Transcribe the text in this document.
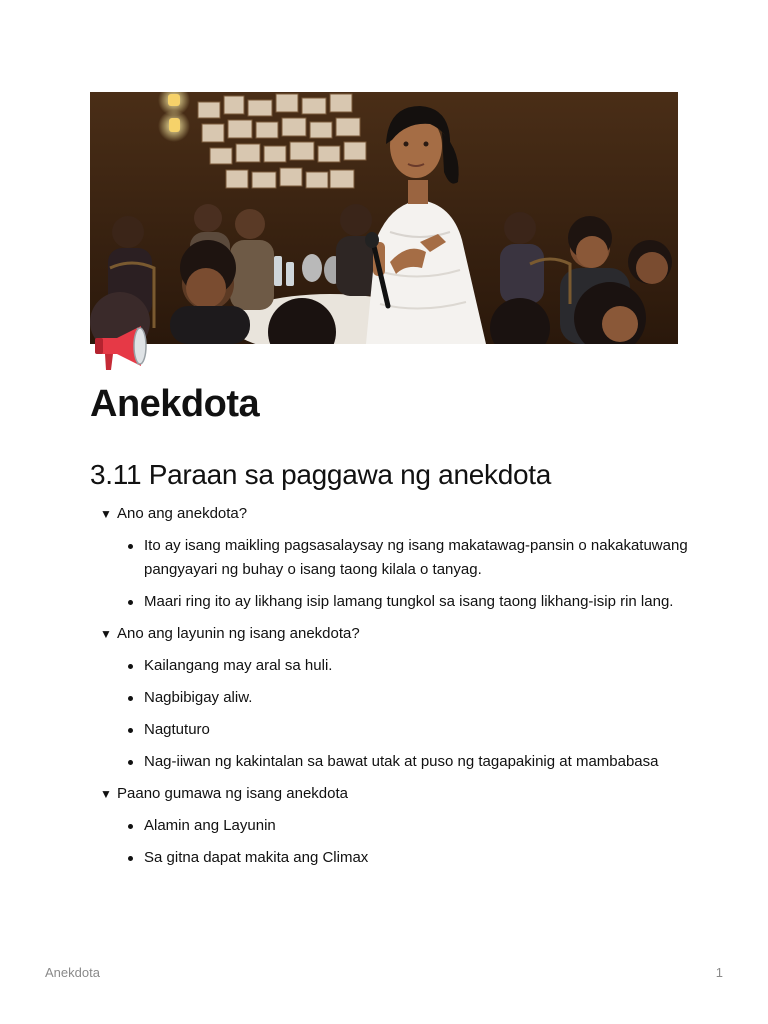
Anekdota
3.11 Paraan sa paggawa ng anekdota
▼ Ano ang anekdota?
Ito ay isang maikling pagsasalaysay ng isang makatawag-pansin o nakakatuwang pangyayari ng buhay o isang taong kilala o tanyag.
Maari ring ito ay likhang isip lamang tungkol sa isang taong likhang-isip rin lang.
▼ Ano ang layunin ng isang anekdota?
Kailangang may aral sa huli.
Nagbibigay aliw.
Nagtuturo
Nag-iiwan ng kakintalan sa bawat utak at puso ng tagapakinig at mambabasa
▼ Paano gumawa ng isang anekdota
Alamin ang Layunin
Sa gitna dapat makita ang Climax
Anekdota	1
